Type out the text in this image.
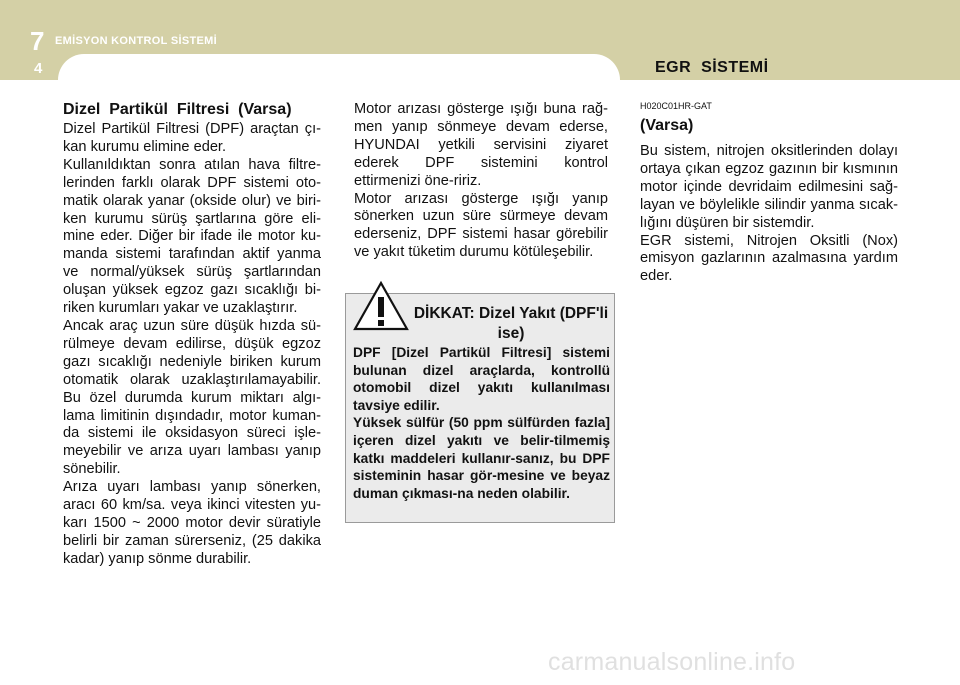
7 EMİSYON KONTROL SİSTEMİ
4	EGR  SİSTEMİ

Dizel  Partikül  Filtresi  (Varsa)

Dizel Partikül Filtresi (DPF) araçtan çı-kan kurumu elimine eder.

Kullanıldıktan sonra atılan hava filtre-lerinden farklı olarak DPF sistemi oto-matik olarak yanar (okside olur) ve biri-ken kurumu sürüş şartlarına göre eli-mine eder. Diğer bir ifade ile motor ku-manda sistemi tarafından aktif yanma ve normal/yüksek sürüş şartlarından oluşan yüksek egzoz gazı sıcaklığı bi-riken kurumları yakar ve uzaklaştırır.

Ancak araç uzun süre düşük hızda sü-rülmeye devam edilirse, düşük egzoz gazı sıcaklığı nedeniyle biriken kurum otomatik olarak uzaklaştırılamayabilir. Bu özel durumda kurum miktarı algı-lama limitinin dışındadır, motor kuman-da sistemi ile oksidasyon süreci işle-meyebilir ve arıza uyarı lambası yanıp sönebilir.

Arıza uyarı lambası yanıp sönerken, aracı 60 km/sa. veya ikinci vitesten yu-karı 1500 ~ 2000 motor devir süratiyle belirli bir zaman sürerseniz, (25 dakika kadar) yanıp sönme durabilir.

Motor arızası gösterge ışığı buna rağ-men yanıp sönmeye devam ederse, HYUNDAI yetkili servisini ziyaret ederek DPF sistemini kontrol ettirmenizi öne-ririz.

Motor arızası gösterge ışığı yanıp sönerken uzun süre sürmeye devam ederseniz, DPF sistemi hasar görebilir ve yakıt tüketim durumu kötüleşebilir.

DİKKAT: Dizel Yakıt (DPF'li ise)
DPF [Dizel Partikül Filtresi] sistemi bulunan dizel araçlarda, kontrollü otomobil dizel yakıtı kullanılması tavsiye edilir.
Yüksek sülfür (50 ppm sülfürden fazla] içeren dizel yakıtı ve belir-tilmemiş katkı maddeleri kullanır-sanız, bu DPF sisteminin hasar gör-mesine ve beyaz duman çıkması-na neden olabilir.
H020C01HR-GAT

(Varsa)

Bu sistem, nitrojen oksitlerinden dolayı ortaya çıkan egzoz gazının bir kısmının motor içinde devridaim edilmesini sağ-layan ve böylelikle silindir yanma sıcak-lığını düşüren bir sistemdir.

EGR sistemi, Nitrojen Oksitli (Nox) emisyon gazlarının azalmasına yardım eder.

carmanualsonline.info
